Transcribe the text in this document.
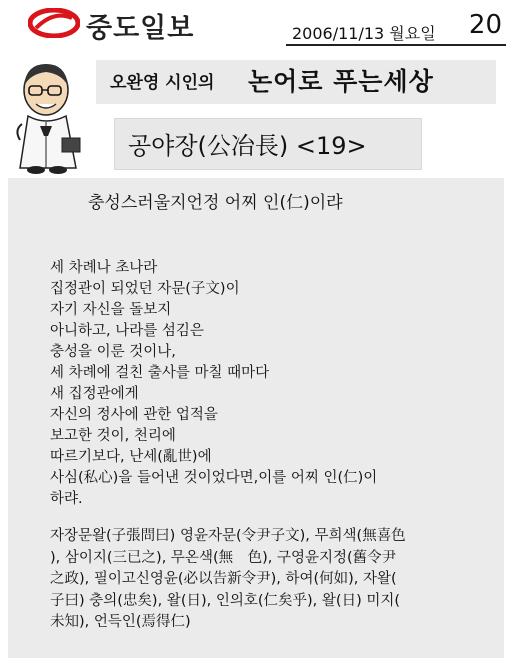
중도일보	2006/11/13 월요일 20
오완영 시인의 논어로 푸는세상
공야장(公冶長) <19>
충성스러울지언정 어찌 인(仁)이랴
세 차례나 초나라
집정관이 되었던 자문(子文)이
자기 자신을 돌보지
아니하고, 나라를 섬김은
충성을 이룬 것이나,
세 차례에 걸친 출사를 마칠 때마다
새 집정관에게
자신의 정사에 관한 업적을
보고한 것이, 천리에
따르기보다, 난세(亂世)에
사심(私心)을 들어낸 것이었다면,이를 어찌 인(仁)이
하랴.
자장문왈(子張問曰) 영윤자문(令尹子文), 무희색(無喜色
), 삼이지(三已之), 무온색(無　色), 구영윤지정(舊令尹
之政), 필이고신영윤(必以告新令尹), 하여(何如), 자왈(
子曰) 충의(忠矣), 왈(日), 인의호(仁矣乎), 왈(日) 미지(
未知), 언득인(焉得仁)
